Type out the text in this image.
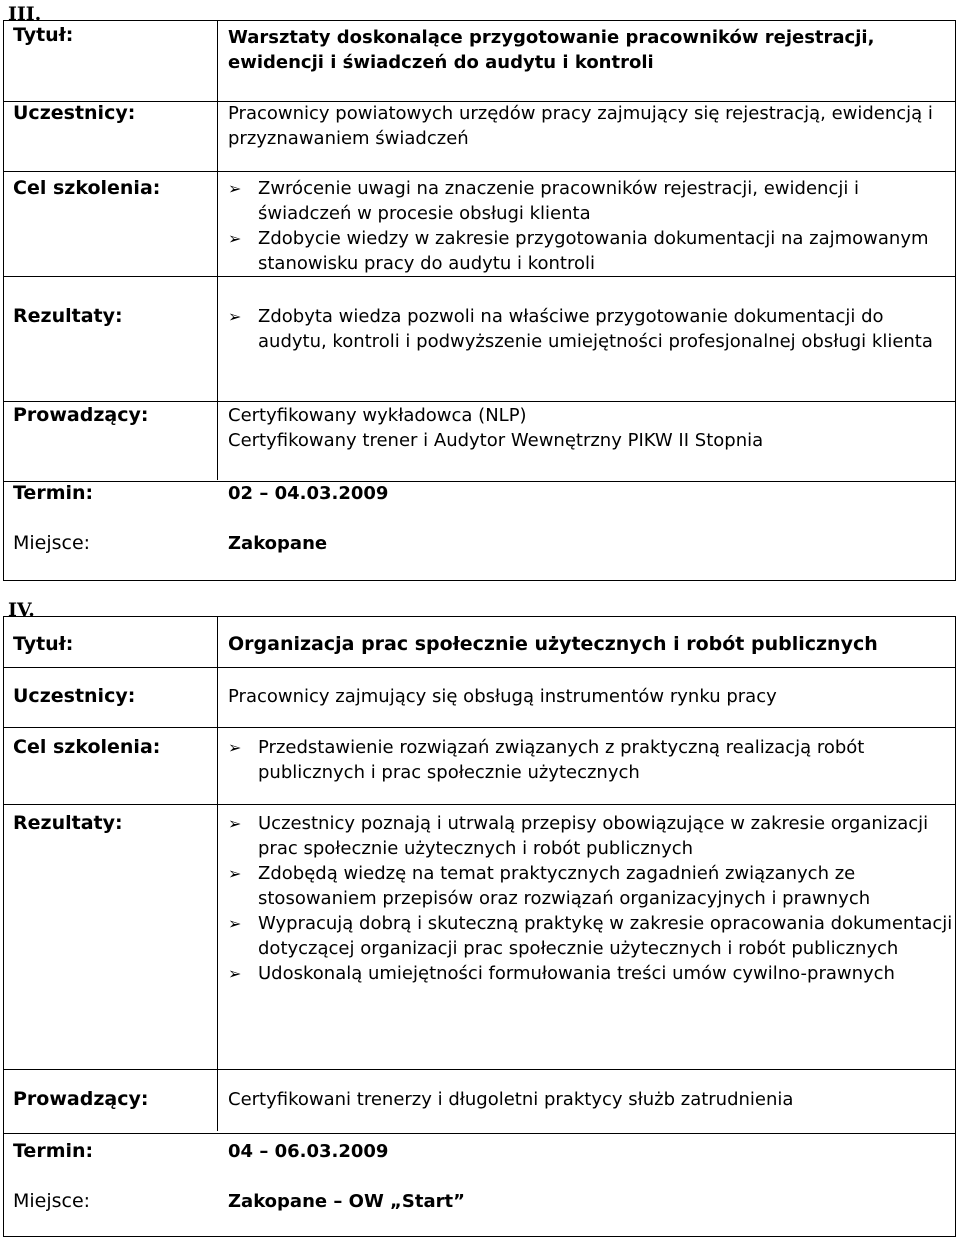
III.
Tytuł:	Warsztaty doskonalące przygotowanie pracowników rejestracji, ewidencji i świadczeń do audytu i kontroli
Uczestnicy:	Pracownicy powiatowych urzędów pracy zajmujący się rejestracją, ewidencją i przyznawaniem świadczeń
Cel szkolenia:	➢ Zwrócenie uwagi na znaczenie pracowników rejestracji, ewidencji i świadczeń w procesie obsługi klienta
➢ Zdobycie wiedzy w zakresie przygotowania dokumentacji na zajmowanym stanowisku pracy do audytu i kontroli
Rezultaty:	➢ Zdobyta wiedza pozwoli na właściwe przygotowanie dokumentacji do audytu, kontroli i podwyższenie umiejętności profesjonalnej obsługi klienta
Prowadzący:	Certyfikowany wykładowca (NLP)
Certyfikowany trener i Audytor Wewnętrzny PIKW II Stopnia
Termin:	02 – 04.03.2009
Miejsce:	Zakopane
IV.
Tytuł:	Organizacja prac społecznie użytecznych i robót publicznych
Uczestnicy:	Pracownicy zajmujący się obsługą instrumentów rynku pracy
Cel szkolenia:	➢ Przedstawienie rozwiązań związanych z praktyczną realizacją robót publicznych i prac społecznie użytecznych
Rezultaty:	➢ Uczestnicy poznają i utrwalą przepisy obowiązujące w zakresie organizacji prac społecznie użytecznych i robót publicznych
➢ Zdobędą wiedzę na temat praktycznych zagadnień związanych ze stosowaniem przepisów oraz rozwiązań organizacyjnych i prawnych
➢ Wypracują dobrą i skuteczną praktykę w zakresie opracowania dokumentacji dotyczącej organizacji prac społecznie użytecznych i robót publicznych
➢ Udoskonalą umiejętności formułowania treści umów cywilno-prawnych
Prowadzący:	Certyfikowani trenerzy i długoletni praktycy służb zatrudnienia
Termin:	04 – 06.03.2009
Miejsce:	Zakopane – OW „Start”
